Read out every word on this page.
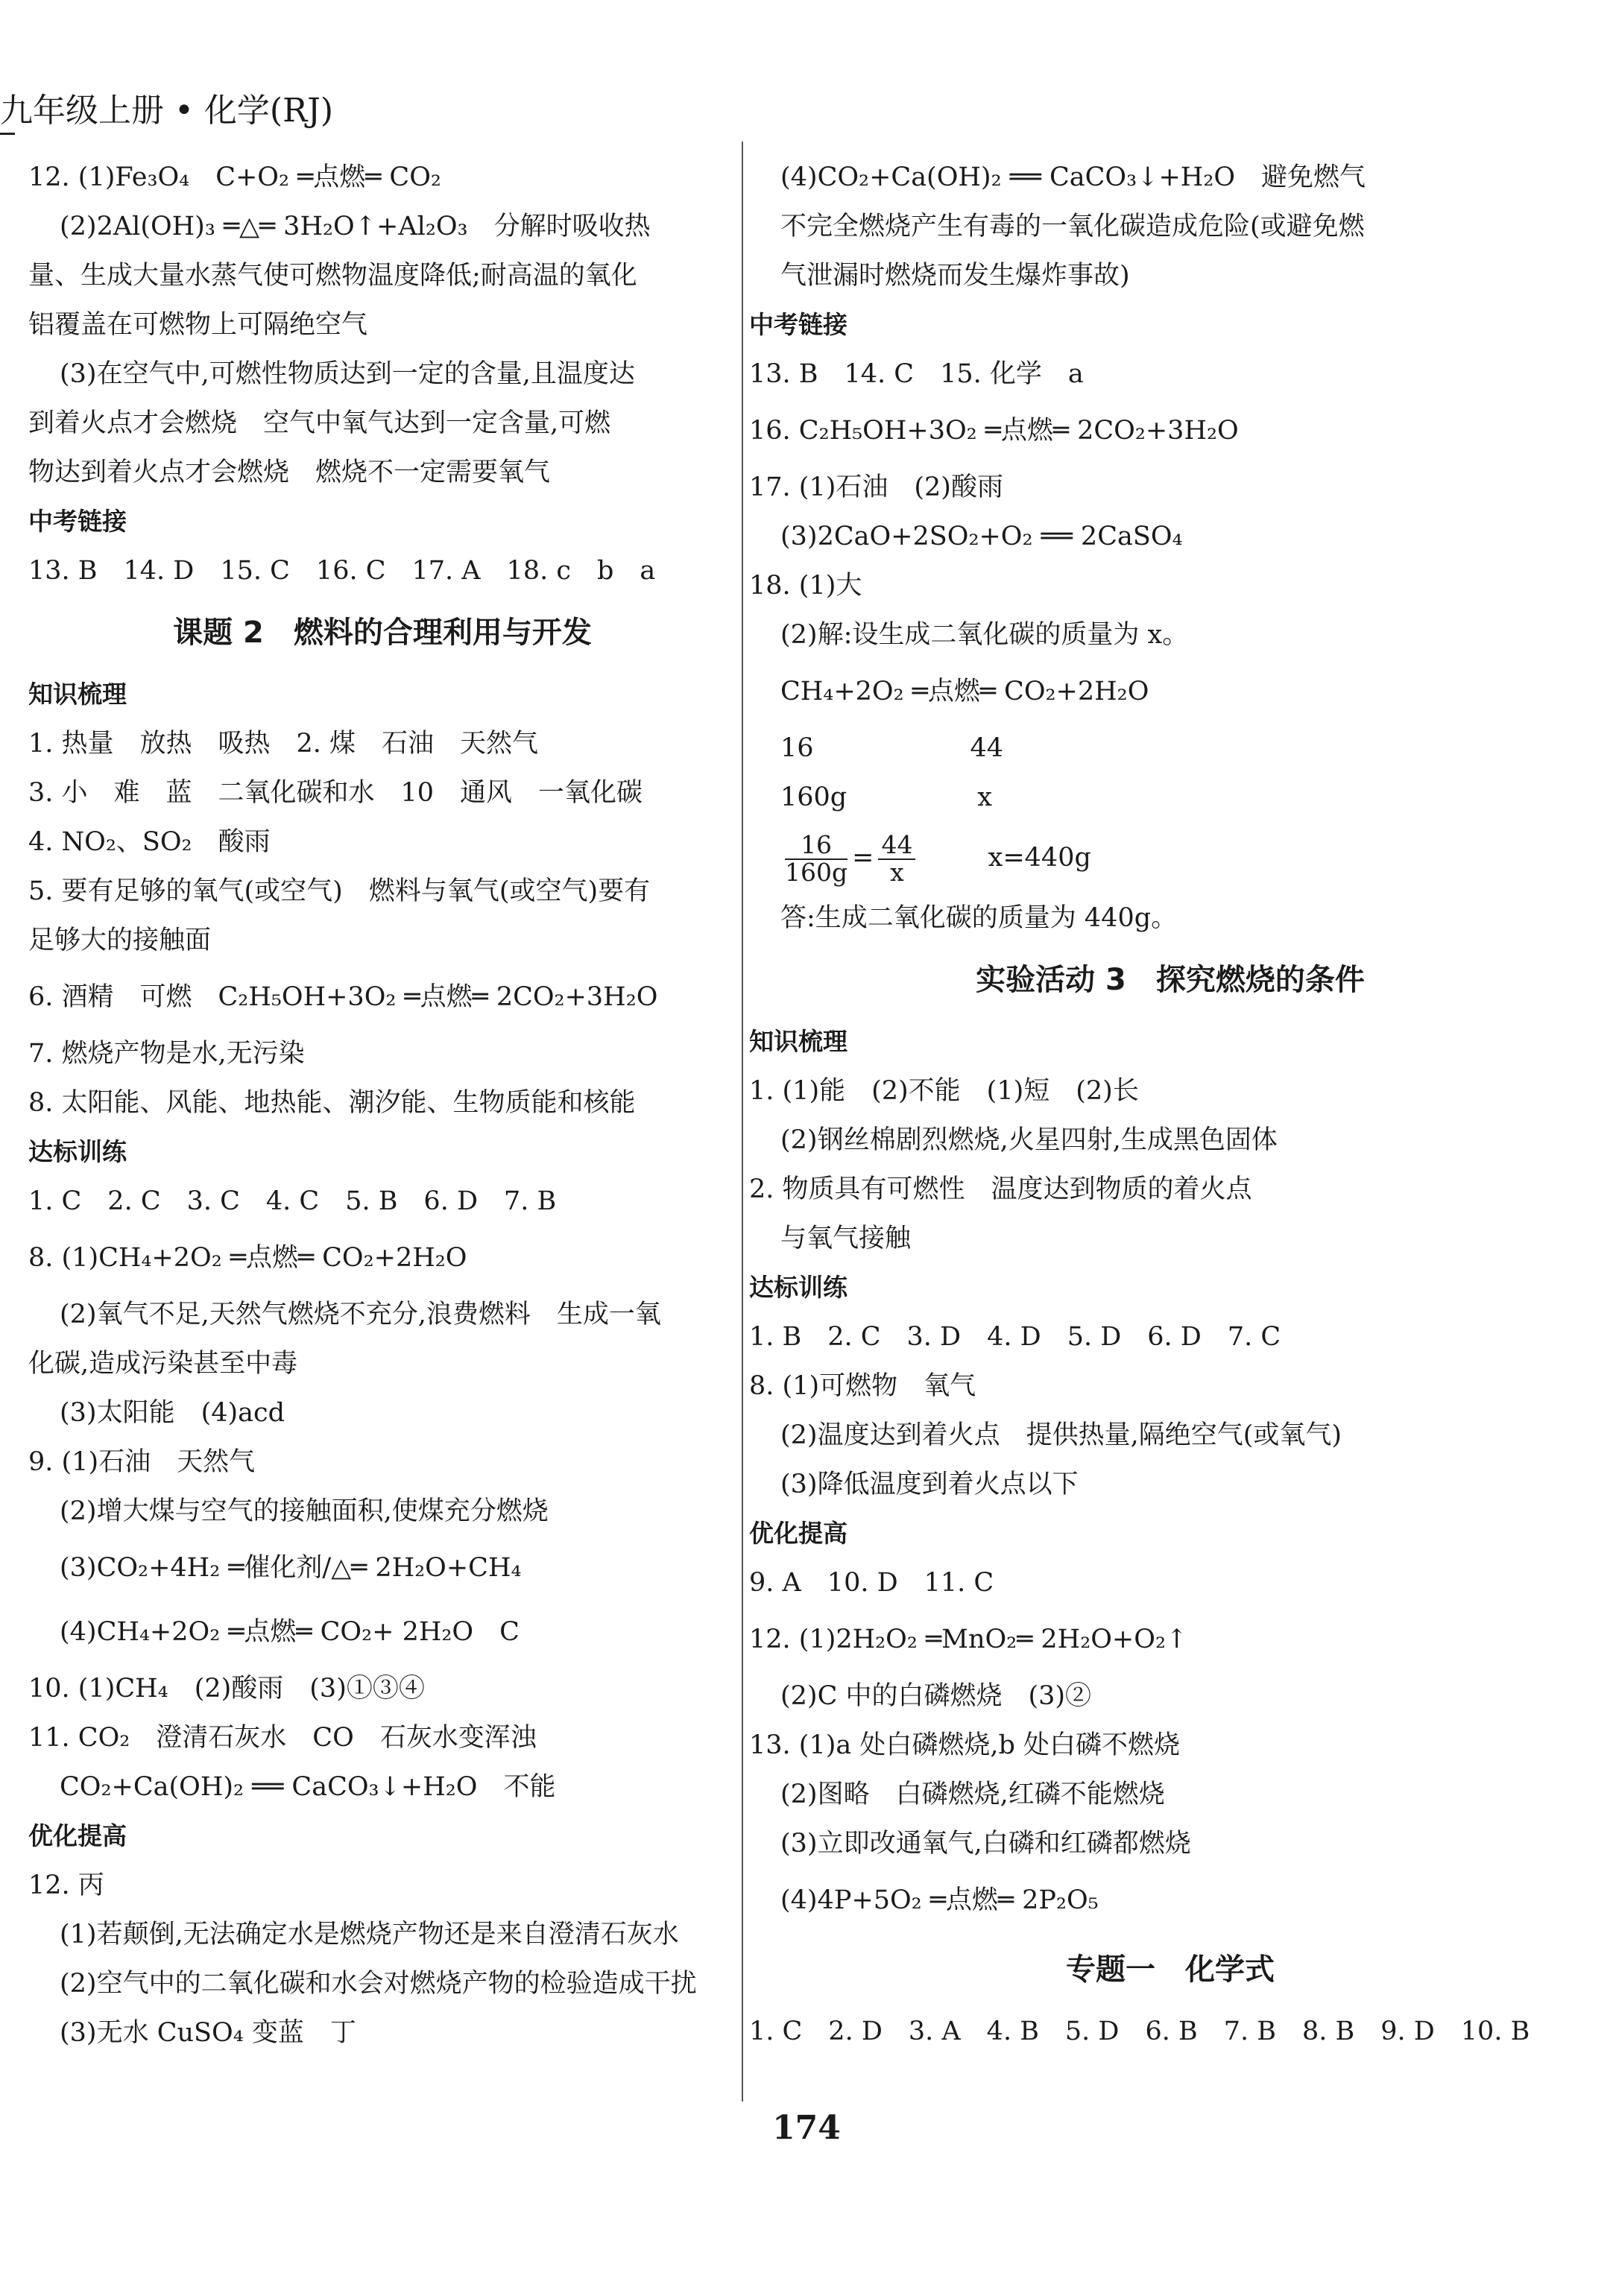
九年级上册 • 化学(RJ)
12. (1)Fe₃O₄　C+O₂ ═点燃═ CO₂
(2)2Al(OH)₃ ═△═ 3H₂O↑+Al₂O₃　分解时吸收热
量、生成大量水蒸气使可燃物温度降低;耐高温的氧化
铝覆盖在可燃物上可隔绝空气
(3)在空气中,可燃性物质达到一定的含量,且温度达
到着火点才会燃烧　空气中氧气达到一定含量,可燃
物达到着火点才会燃烧　燃烧不一定需要氧气
中考链接
13. B　14. D　15. C　16. C　17. A　18. c　b　a
课题 2　燃料的合理利用与开发
知识梳理
1. 热量　放热　吸热　2. 煤　石油　天然气
3. 小　难　蓝　二氧化碳和水　10　通风　一氧化碳
4. NO₂、SO₂　酸雨
5. 要有足够的氧气(或空气)　燃料与氧气(或空气)要有
足够大的接触面
6. 酒精　可燃　C₂H₅OH+3O₂ ═点燃═ 2CO₂+3H₂O
7. 燃烧产物是水,无污染
8. 太阳能、风能、地热能、潮汐能、生物质能和核能
达标训练
1. C　2. C　3. C　4. C　5. B　6. D　7. B
8. (1)CH₄+2O₂ ═点燃═ CO₂+2H₂O
(2)氧气不足,天然气燃烧不充分,浪费燃料　生成一氧
化碳,造成污染甚至中毒
(3)太阳能　(4)acd
9. (1)石油　天然气
(2)增大煤与空气的接触面积,使煤充分燃烧
(3)CO₂+4H₂ ═催化剂/△═ 2H₂O+CH₄
(4)CH₄+2O₂ ═点燃═ CO₂+ 2H₂O　C
10. (1)CH₄　(2)酸雨　(3)①③④
11. CO₂　澄清石灰水　CO　石灰水变浑浊
CO₂+Ca(OH)₂ ══ CaCO₃↓+H₂O　不能
优化提高
12. 丙
(1)若颠倒,无法确定水是燃烧产物还是来自澄清石灰水
(2)空气中的二氧化碳和水会对燃烧产物的检验造成干扰
(3)无水 CuSO₄ 变蓝　丁
(4)CO₂+Ca(OH)₂ ══ CaCO₃↓+H₂O　避免燃气
不完全燃烧产生有毒的一氧化碳造成危险(或避免燃
气泄漏时燃烧而发生爆炸事故)
中考链接
13. B　14. C　15. 化学　a
16. C₂H₅OH+3O₂ ═点燃═ 2CO₂+3H₂O
17. (1)石油　(2)酸雨
(3)2CaO+2SO₂+O₂ ══ 2CaSO₄
18. (1)大
(2)解:设生成二氧化碳的质量为 x。
CH₄+2O₂ ═点燃═ CO₂+2H₂O
16　　　　　　44
160g　　　　　x
$\frac{16}{160g} = \frac{44}{x}$	x=440g
答:生成二氧化碳的质量为 440g。
实验活动 3　探究燃烧的条件
知识梳理
1. (1)能　(2)不能　(1)短　(2)长
(2)钢丝棉剧烈燃烧,火星四射,生成黑色固体
2. 物质具有可燃性　温度达到物质的着火点
与氧气接触
达标训练
1. B　2. C　3. D　4. D　5. D　6. D　7. C
8. (1)可燃物　氧气
(2)温度达到着火点　提供热量,隔绝空气(或氧气)
(3)降低温度到着火点以下
优化提高
9. A　10. D　11. C
12. (1)2H₂O₂ ═MnO₂═ 2H₂O+O₂↑
(2)C 中的白磷燃烧　(3)②
13. (1)a 处白磷燃烧,b 处白磷不燃烧
(2)图略　白磷燃烧,红磷不能燃烧
(3)立即改通氧气,白磷和红磷都燃烧
(4)4P+5O₂ ═点燃═ 2P₂O₅
专题一　化学式
1. C　2. D　3. A　4. B　5. D　6. B　7. B　8. B　9. D　10. B
174
